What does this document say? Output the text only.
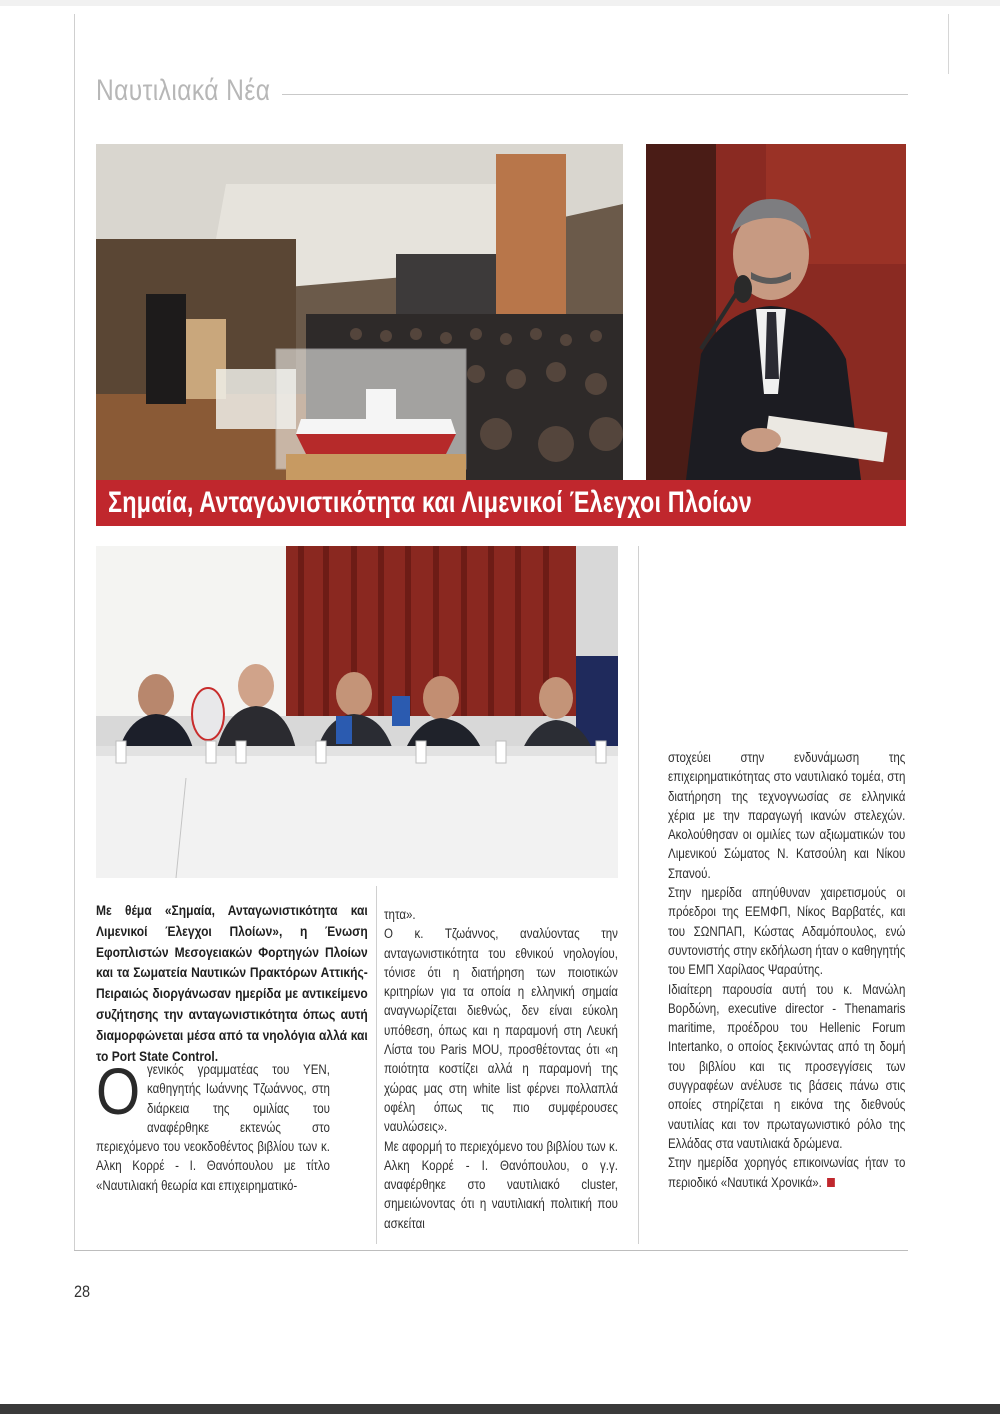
Ναυτιλιακά Νέα
Σημαία, Ανταγωνιστικότητα και Λιμενικοί Έλεγχοι Πλοίων

Με θέμα «Σημαία, Ανταγωνιστικότητα και Λιμενικοί Έλεγχοι Πλοίων», η Ένωση Εφοπλιστών Μεσογειακών Φορτηγών Πλοίων και τα Σωματεία Ναυτικών Πρακτόρων Αττικής-Πειραιώς διοργάνωσαν ημερίδα με αντικείμενο συζήτησης την ανταγωνιστικότητα όπως αυτή διαμορφώνεται μέσα από τα νηολόγια αλλά και το Port State Control.

Ο γενικός γραμματέας του ΥΕΝ, καθηγητής Ιωάννης Τζωάννος, στη διάρκεια της ομιλίας του αναφέρθηκε εκτενώς στο περιεχόμενο του νεοκδοθέντος βιβλίου των κ. Αλκη Κορρέ - Ι. Θανόπουλου με τίτλο «Ναυτιλιακή θεωρία και επιχειρηματικό-

τητα».

Ο κ. Τζωάννος, αναλύοντας την ανταγωνιστικότητα του εθνικού νηολογίου, τόνισε ότι η διατήρηση των ποιοτικών κριτηρίων για τα οποία η ελληνική σημαία αναγνωρίζεται διεθνώς, δεν είναι εύκολη υπόθεση, όπως και η παραμονή στη Λευκή Λίστα του Paris MOU, προσθέτοντας ότι «η ποιότητα κοστίζει αλλά η παραμονή της χώρας μας στη white list φέρνει πολλαπλά οφέλη όπως τις πιο συμφέρουσες ναυλώσεις».

Με αφορμή το περιεχόμενο του βιβλίου των κ. Αλκη Κορρέ - Ι. Θανόπουλου, ο γ.γ. αναφέρθηκε στο ναυτιλιακό cluster, σημειώνοντας ότι η ναυτιλιακή πολιτική που ασκείται

στοχεύει στην ενδυνάμωση της επιχειρηματικότητας στο ναυτιλιακό τομέα, στη διατήρηση της τεχνογνωσίας σε ελληνικά χέρια με την παραγωγή ικανών στελεχών. Ακολούθησαν οι ομιλίες των αξιωματικών του Λιμενικού Σώματος Ν. Κατσούλη και Νίκου Σπανού.

Στην ημερίδα απηύθυναν χαιρετισμούς οι πρόεδροι της ΕΕΜΦΠ, Νίκος Βαρβατές, και του ΣΩΝΠΑΠ, Κώστας Αδαμόπουλος, ενώ συντονιστής στην εκδήλωση ήταν ο καθηγητής του ΕΜΠ Χαρίλαος Ψαραύτης.

Ιδιαίτερη παρουσία αυτή του κ. Μανώλη Βορδώνη, executive director - Thenamaris maritime, προέδρου του Hellenic Forum Intertanko, ο οποίος ξεκινώντας από τη δομή του βιβλίου και τις προσεγγίσεις των συγγραφέων ανέλυσε τις βάσεις πάνω στις οποίες στηρίζεται η εικόνα της διεθνούς ναυτιλίας και τον πρωταγωνιστικό ρόλο της Ελλάδας στα ναυτιλιακά δρώμενα.

Στην ημερίδα χορηγός επικοινωνίας ήταν το περιοδικό «Ναυτικά Χρονικά».

28
